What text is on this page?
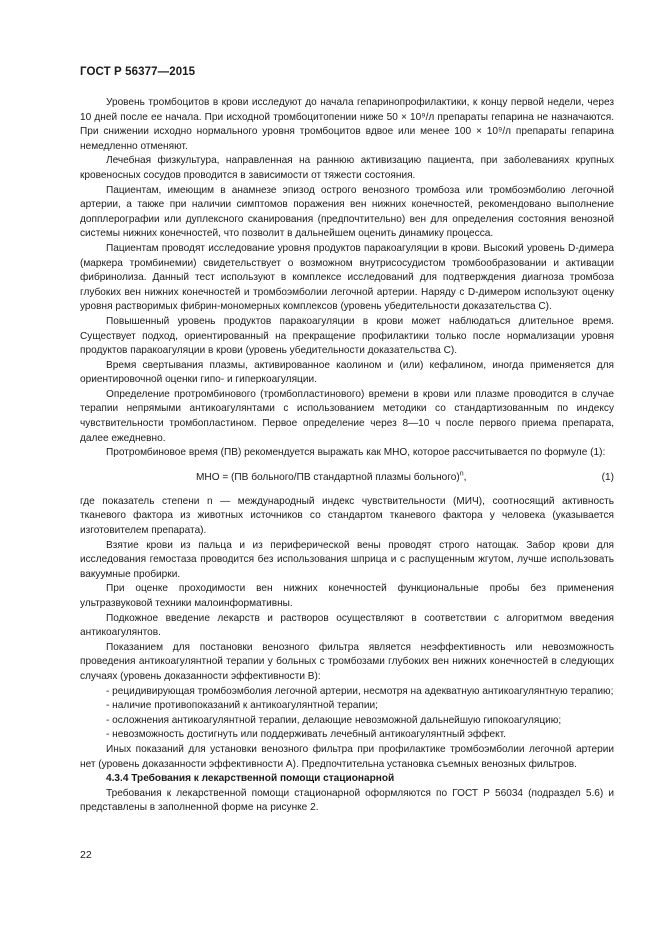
ГОСТ Р 56377—2015

Уровень тромбоцитов в крови исследуют до начала гепаринопрофилактики, к концу первой недели, через 10 дней после ее начала. При исходной тромбоцитопении ниже 50 × 10⁹/л препараты гепарина не назначаются. При снижении исходно нормального уровня тромбоцитов вдвое или менее 100 × 10⁹/л препараты гепарина немедленно отменяют.

Лечебная физкультура, направленная на раннюю активизацию пациента, при заболеваниях крупных кровеносных сосудов проводится в зависимости от тяжести состояния.

Пациентам, имеющим в анамнезе эпизод острого венозного тромбоза или тромбоэмболию легочной артерии, а также при наличии симптомов поражения вен нижних конечностей, рекомендовано выполнение допплерографии или дуплексного сканирования (предпочтительно) вен для определения состояния венозной системы нижних конечностей, что позволит в дальнейшем оценить динамику процесса.

Пациентам проводят исследование уровня продуктов паракоагуляции в крови. Высокий уровень D-димера (маркера тромбинемии) свидетельствует о возможном внутрисосудистом тромбообразовании и активации фибринолиза. Данный тест используют в комплексе исследований для подтверждения диагноза тромбоза глубоких вен нижних конечностей и тромбоэмболии легочной артерии. Наряду с D-димером используют оценку уровня растворимых фибрин-мономерных комплексов (уровень убедительности доказательства C).

Повышенный уровень продуктов паракоагуляции в крови может наблюдаться длительное время. Существует подход, ориентированный на прекращение профилактики только после нормализации уровня продуктов паракоагуляции в крови (уровень убедительности доказательства C).

Время свертывания плазмы, активированное каолином и (или) кефалином, иногда применяется для ориентировочной оценки гипо- и гиперкоагуляции.

Определение протромбинового (тромбопластинового) времени в крови или плазме проводится в случае терапии непрямыми антикоагулянтами с использованием методики со стандартизованным по индексу чувствительности тромбопластином. Первое определение через 8—10 ч после первого приема препарата, далее ежедневно.

Протромбиновое время (ПВ) рекомендуется выражать как МНО, которое рассчитывается по формуле (1):

МНО = (ПВ больного/ПВ стандартной плазмы больного)$^n$,	(1)

где показатель степени n — международный индекс чувствительности (МИЧ), соотносящий активность тканевого фактора из животных источников со стандартом тканевого фактора у человека (указывается изготовителем препарата).

Взятие крови из пальца и из периферической вены проводят строго натощак. Забор крови для исследования гемостаза проводится без использования шприца и с распущенным жгутом, лучше использовать вакуумные пробирки.

При оценке проходимости вен нижних конечностей функциональные пробы без применения ультразвуковой техники малоинформативны.

Подкожное введение лекарств и растворов осуществляют в соответствии с алгоритмом введения антикоагулянтов.

Показанием для постановки венозного фильтра является неэффективность или невозможность проведения антикоагулянтной терапии у больных с тромбозами глубоких вен нижних конечностей в следующих случаях (уровень доказанности эффективности B):

- рецидивирующая тромбоэмболия легочной артерии, несмотря на адекватную антикоагулянтную терапию;

- наличие противопоказаний к антикоагулянтной терапии;

- осложнения антикоагулянтной терапии, делающие невозможной дальнейшую гипокоагуляцию;

- невозможность достигнуть или поддерживать лечебный антикоагулянтный эффект.

Иных показаний для установки венозного фильтра при профилактике тромбоэмболии легочной артерии нет (уровень доказанности эффективности A). Предпочтительна установка съемных венозных фильтров.

4.3.4 Требования к лекарственной помощи стационарной

Требования к лекарственной помощи стационарной оформляются по ГОСТ Р 56034 (подраздел 5.6) и представлены в заполненной форме на рисунке 2.

22
